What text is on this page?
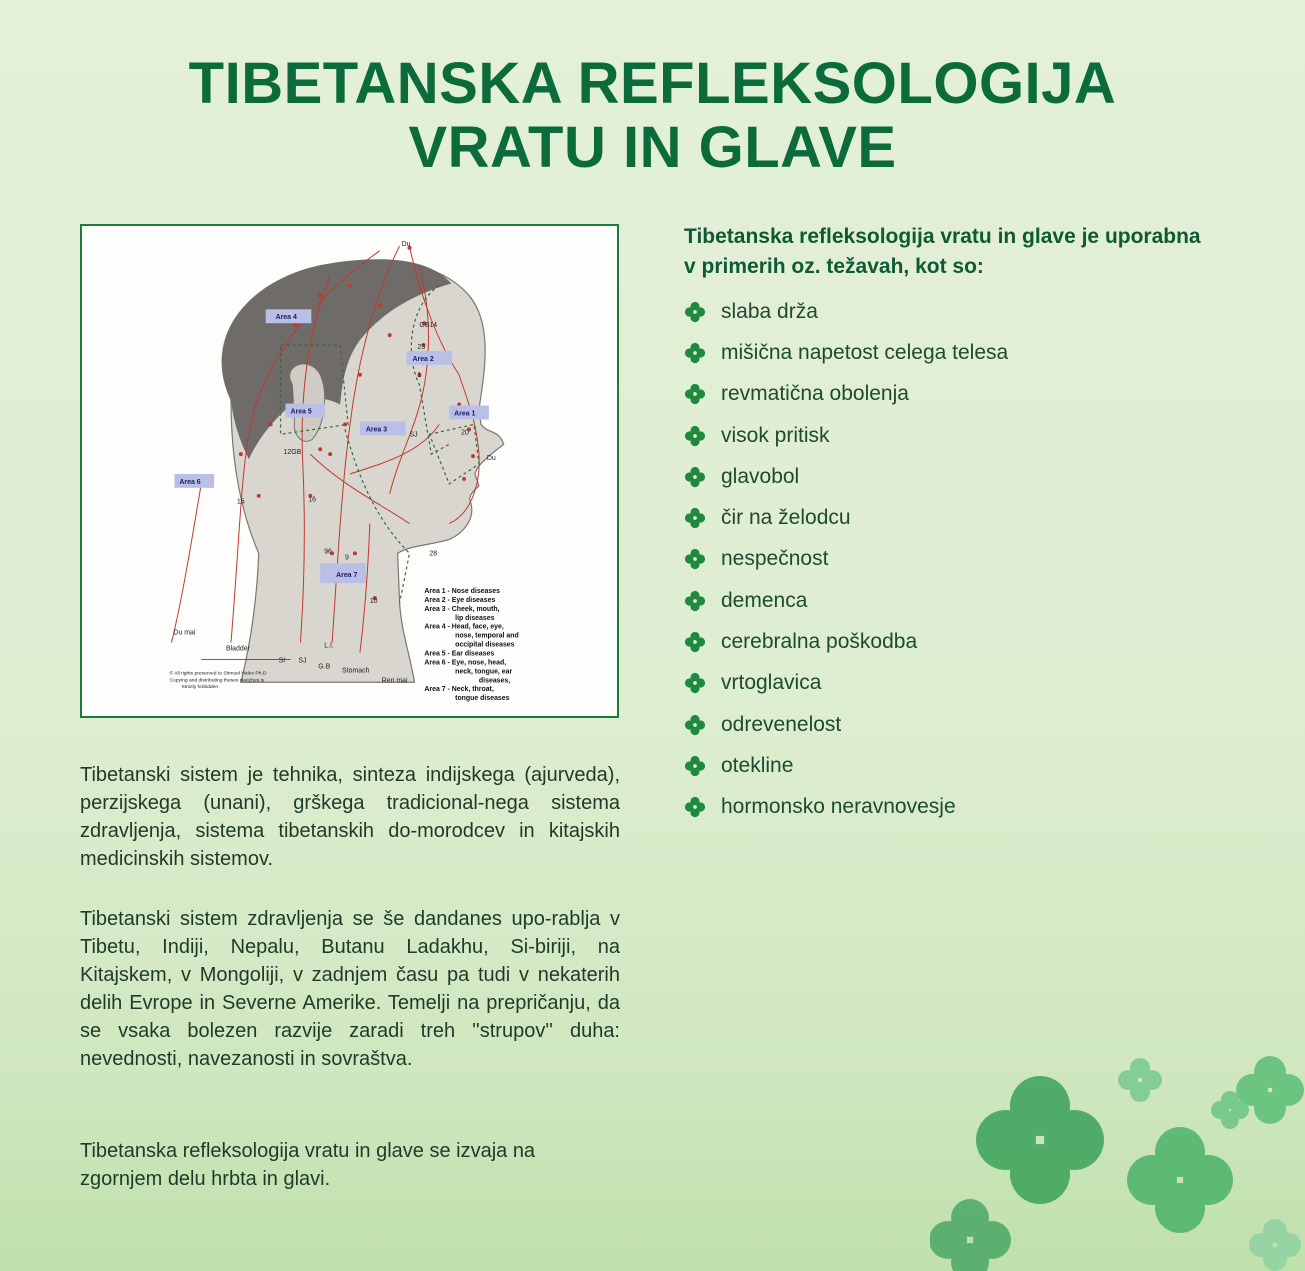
TIBETANSKA REFLEKSOLOGIJA
VRATU IN GLAVE
Area 4
Area 2
Area 5	Area 1
Area 3
Area 6
Area 7
Du
GB14
23
1
SJ	20
Du
12GB
15	16
9
10
96	28
Du mai
Bladder
SI SJ
G.B
L.I.
Stomach
Ren mai
Area 1 - Nose diseases
Area 2 - Eye diseases
Area 3 - Cheek, mouth,
lip diseases
Area 4 - Head, face, eye,
nose, temporal and
occipital diseases
Area 5 - Ear diseases
Area 6 - Eye, nose, head,
neck, tongue, ear
diseases,
Area 7 - Neck, throat,
tongue diseases
© All rights preserved to Shmuel Halev Ph.D
Copying and distributing theses sketches is
Strictly forbidden

Tibetanski sistem je tehnika, sinteza indijskega (ajurveda), perzijskega (unani), grškega tradicional-nega sistema zdravljenja, sistema tibetanskih do-morodcev in kitajskih medicinskih sistemov.

Tibetanski sistem zdravljenja se še dandanes upo-rablja v Tibetu, Indiji, Nepalu, Butanu Ladakhu, Si-biriji, na Kitajskem, v Mongoliji, v zadnjem času pa tudi v nekaterih delih Evrope in Severne Amerike. Temelji na prepričanju, da se vsaka bolezen razvije zaradi treh ''strupov'' duha: nevednosti, navezanosti in sovraštva.

Tibetanska refleksologija vratu in glave se izvaja na zgornjem delu hrbta in glavi.

Tibetanska refleksologija vratu in glave je uporabna v primerih oz. težavah, kot so:
slaba drža
mišična napetost celega telesa
revmatična obolenja
visok pritisk
glavobol
čir na želodcu
nespečnost
demenca
cerebralna poškodba
vrtoglavica
odrevenelost
otekline
hormonsko neravnovesje
